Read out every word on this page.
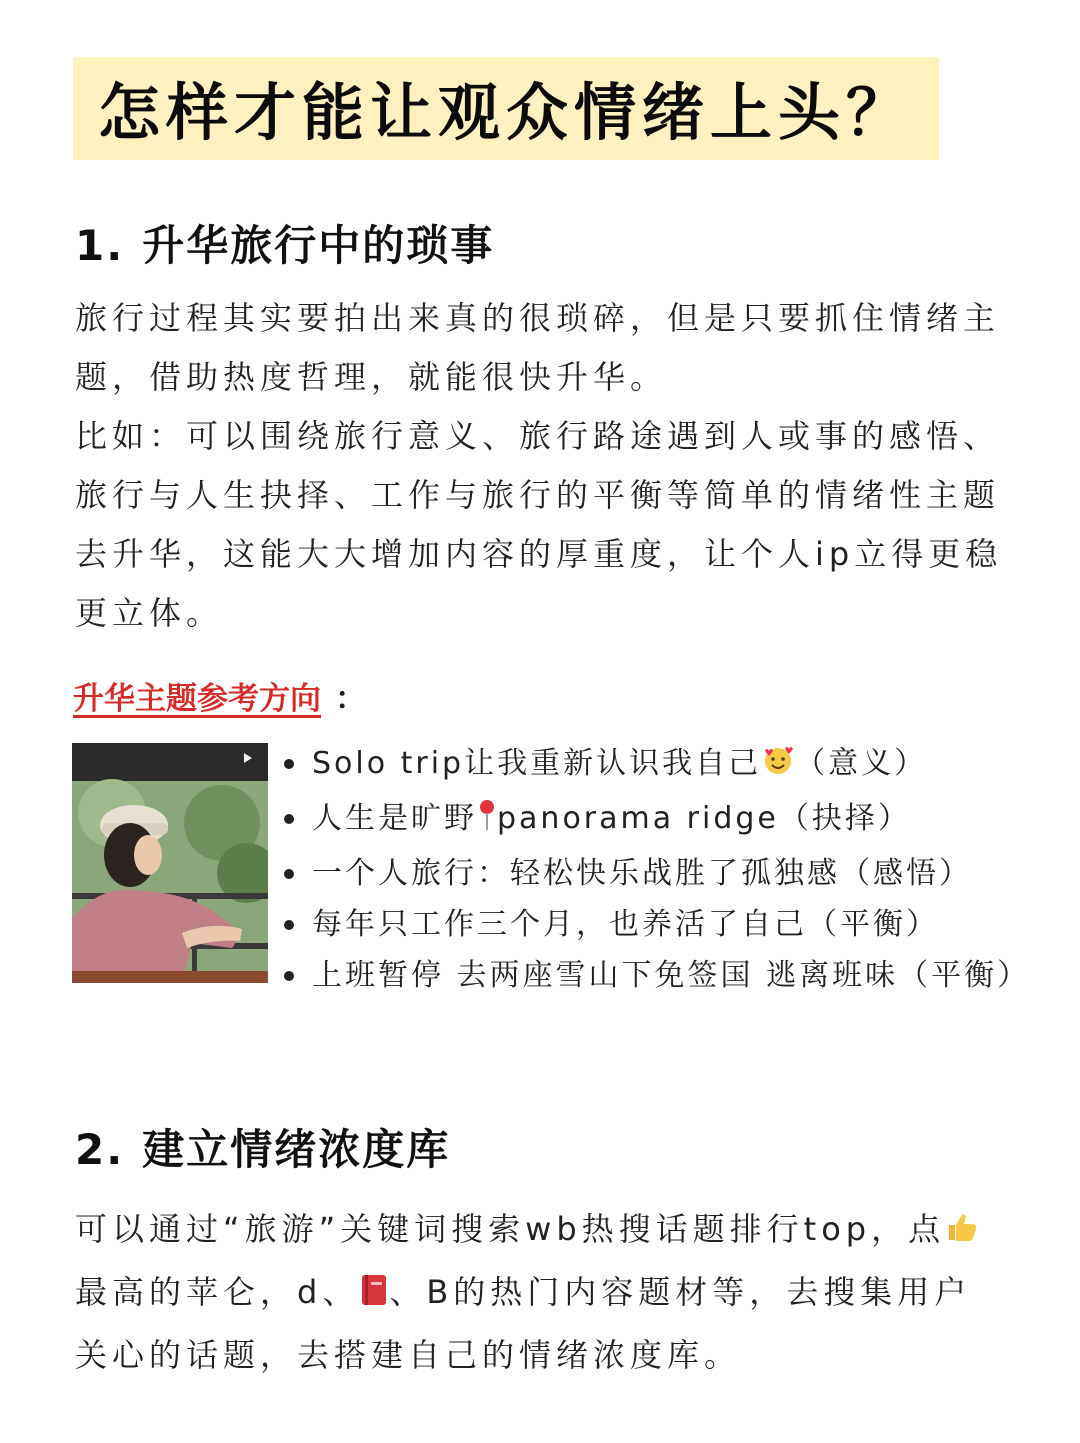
怎样才能让观众情绪上头？
1. 升华旅行中的琐事
旅行过程其实要拍出来真的很琐碎，但是只要抓住情绪主题，借助热度哲理，就能很快升华。
比如：可以围绕旅行意义、旅行路途遇到人或事的感悟、旅行与人生抉择、工作与旅行的平衡等简单的情绪性主题去升华，这能大大增加内容的厚重度，让个人ip立得更稳更立体。
升华主题参考方向 ：
Solo trip让我重新认识我自己 （意义）
人生是旷野 panorama ridge（抉择）
一个人旅行：轻松快乐战胜了孤独感（感悟）
每年只工作三个月，也养活了自己（平衡）
上班暂停 去两座雪山下免签国 逃离班味（平衡）
2. 建立情绪浓度库
可以通过“旅游”关键词搜索wb热搜话题排行top，点最高的苹仑，d、 、B的热门内容题材等，去搜集用户关心的话题，去搭建自己的情绪浓度库。
